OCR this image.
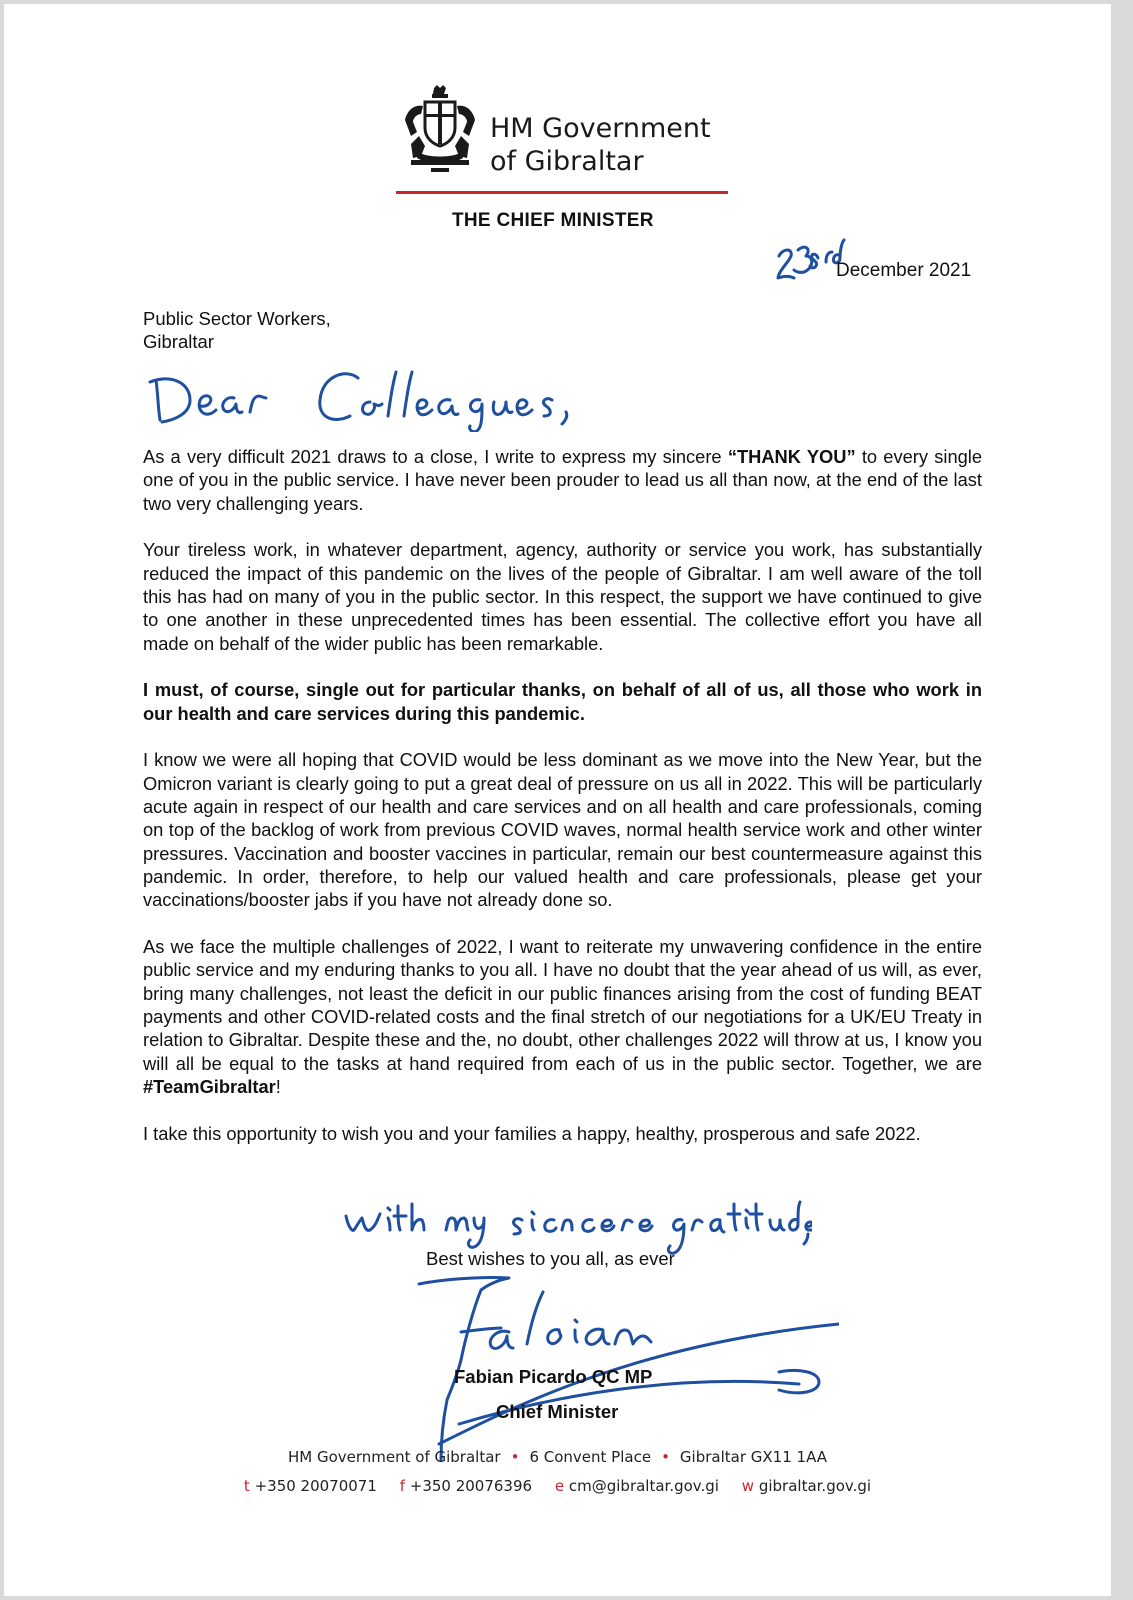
HM Government
of Gibraltar
THE CHIEF MINISTER
December 2021
Public Sector Workers,
Gibraltar

As a very difficult 2021 draws to a close, I write to express my sincere “THANK YOU” to every single one of you in the public service. I have never been prouder to lead us all than now, at the end of the last two very challenging years.

Your tireless work, in whatever department, agency, authority or service you work, has substantially reduced the impact of this pandemic on the lives of the people of Gibraltar. I am well aware of the toll this has had on many of you in the public sector. In this respect, the support we have continued to give to one another in these unprecedented times has been essential. The collective effort you have all made on behalf of the wider public has been remarkable.

I must, of course, single out for particular thanks, on behalf of all of us, all those who work in our health and care services during this pandemic.

I know we were all hoping that COVID would be less dominant as we move into the New Year, but the Omicron variant is clearly going to put a great deal of pressure on us all in 2022. This will be particularly acute again in respect of our health and care services and on all health and care professionals, coming on top of the backlog of work from previous COVID waves, normal health service work and other winter pressures. Vaccination and booster vaccines in particular, remain our best countermeasure against this pandemic. In order, therefore, to help our valued health and care professionals, please get your vaccinations/booster jabs if you have not already done so.

As we face the multiple challenges of 2022, I want to reiterate my unwavering confidence in the entire public service and my enduring thanks to you all. I have no doubt that the year ahead of us will, as ever, bring many challenges, not least the deficit in our public finances arising from the cost of funding BEAT payments and other COVID-related costs and the final stretch of our negotiations for a UK/EU Treaty in relation to Gibraltar. Despite these and the, no doubt, other challenges 2022 will throw at us, I know you will all be equal to the tasks at hand required from each of us in the public sector. Together, we are #TeamGibraltar!

I take this opportunity to wish you and your families a happy, healthy, prosperous and safe 2022.

Best wishes to you all, as ever
Fabian Picardo QC MP
Chief Minister
HM Government of Gibraltar • 6 Convent Place • Gibraltar GX11 1AA
t +350 20070071 f +350 20076396 e cm@gibraltar.gov.gi w gibraltar.gov.gi
